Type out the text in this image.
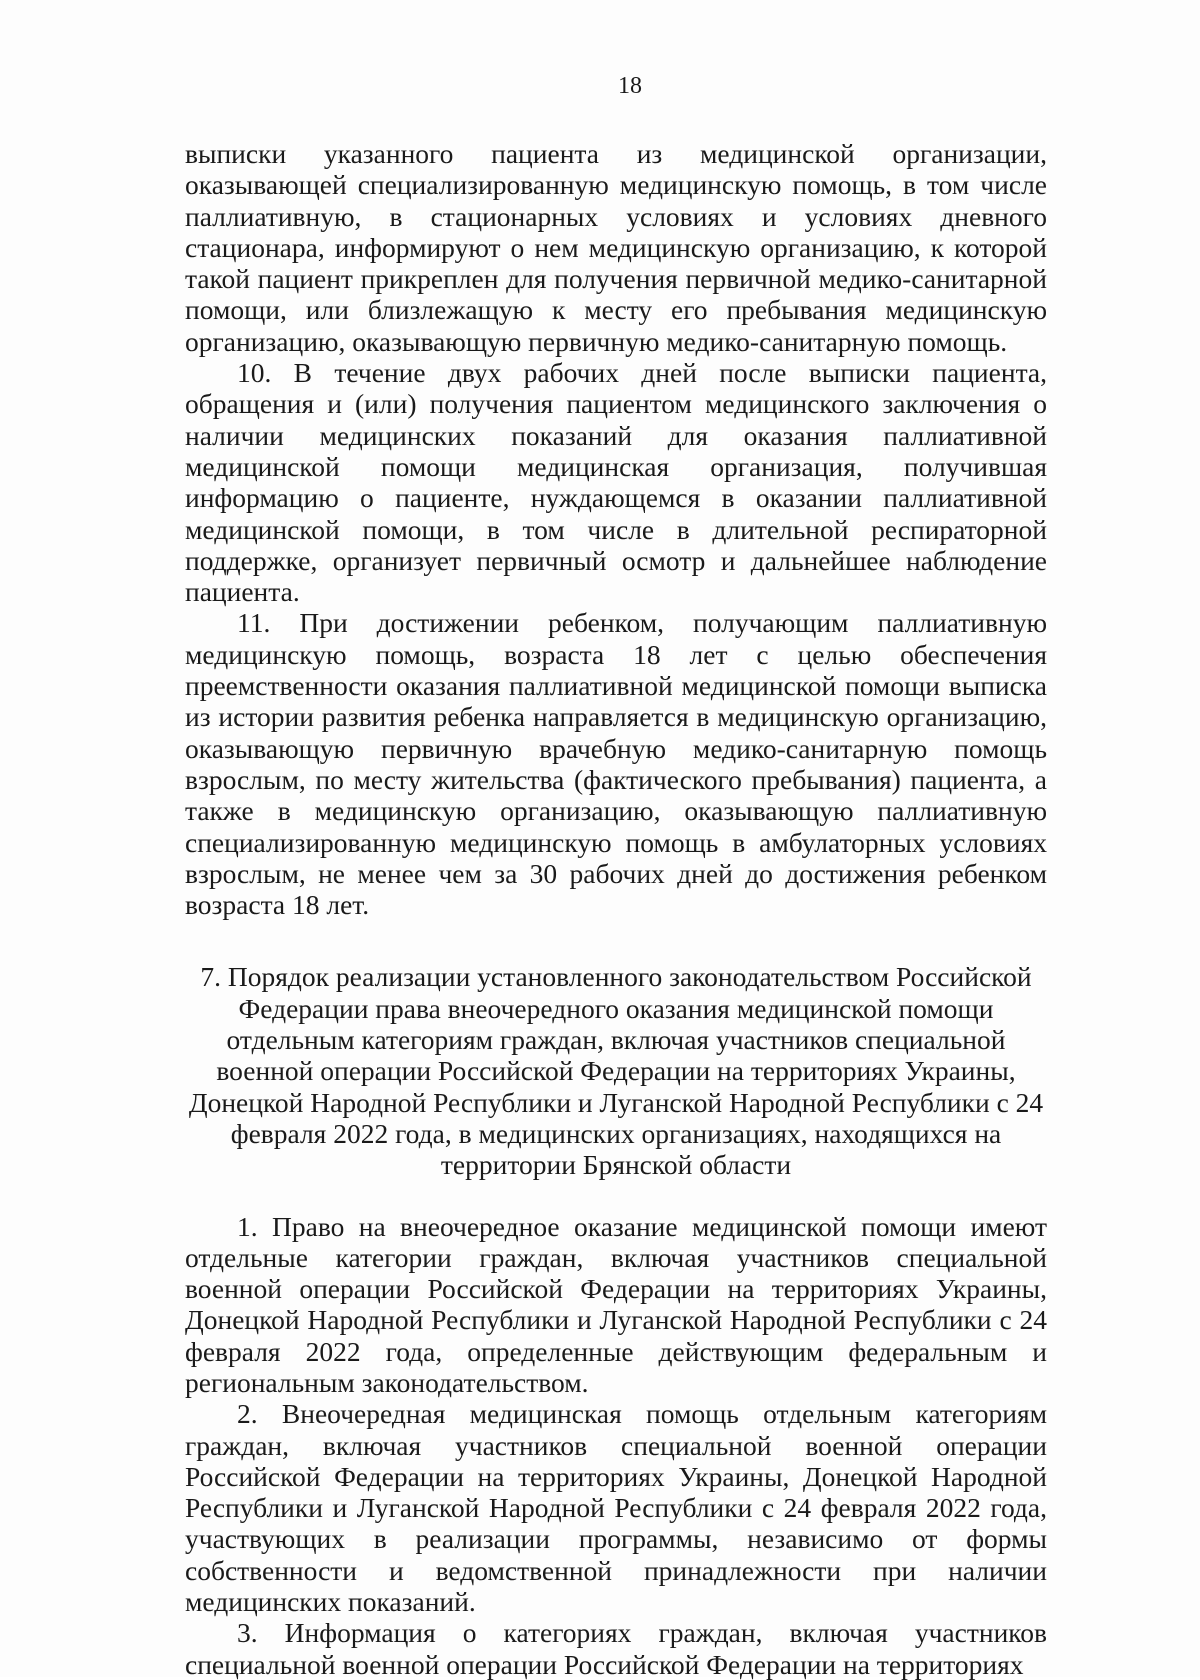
18

выписки указанного пациента из медицинской организации, оказывающей специализированную медицинскую помощь, в том числе паллиативную, в стационарных условиях и условиях дневного стационара, информируют о нем медицинскую организацию, к которой такой пациент прикреплен для получения первичной медико-санитарной помощи, или близлежащую к месту его пребывания медицинскую организацию, оказывающую первичную медико-санитарную помощь.

10. В течение двух рабочих дней после выписки пациента, обращения и (или) получения пациентом медицинского заключения о наличии медицинских показаний для оказания паллиативной медицинской помощи медицинская организация, получившая информацию о пациенте, нуждающемся в оказании паллиативной медицинской помощи, в том числе в длительной респираторной поддержке, организует первичный осмотр и дальнейшее наблюдение пациента.

11. При достижении ребенком, получающим паллиативную медицинскую помощь, возраста 18 лет с целью обеспечения преемственности оказания паллиативной медицинской помощи выписка из истории развития ребенка направляется в медицинскую организацию, оказывающую первичную врачебную медико-санитарную помощь взрослым, по месту жительства (фактического пребывания) пациента, а также в медицинскую организацию, оказывающую паллиативную специализированную медицинскую помощь в амбулаторных условиях взрослым, не менее чем за 30 рабочих дней до достижения ребенком возраста 18 лет.

7. Порядок реализации установленного законодательством Российской Федерации права внеочередного оказания медицинской помощи отдельным категориям граждан, включая участников специальной военной операции Российской Федерации на территориях Украины, Донецкой Народной Республики и Луганской Народной Республики с 24 февраля 2022 года, в медицинских организациях, находящихся на территории Брянской области

1. Право на внеочередное оказание медицинской помощи имеют отдельные категории граждан, включая участников специальной военной операции Российской Федерации на территориях Украины, Донецкой Народной Республики и Луганской Народной Республики с 24 февраля 2022 года, определенные действующим федеральным и региональным законодательством.

2. Внеочередная медицинская помощь отдельным категориям граждан, включая участников специальной военной операции Российской Федерации на территориях Украины, Донецкой Народной Республики и Луганской Народной Республики с 24 февраля 2022 года, участвующих в реализации программы, независимо от формы собственности и ведомственной принадлежности при наличии медицинских показаний.

3. Информация о категориях граждан, включая участников специальной военной операции Российской Федерации на территориях
